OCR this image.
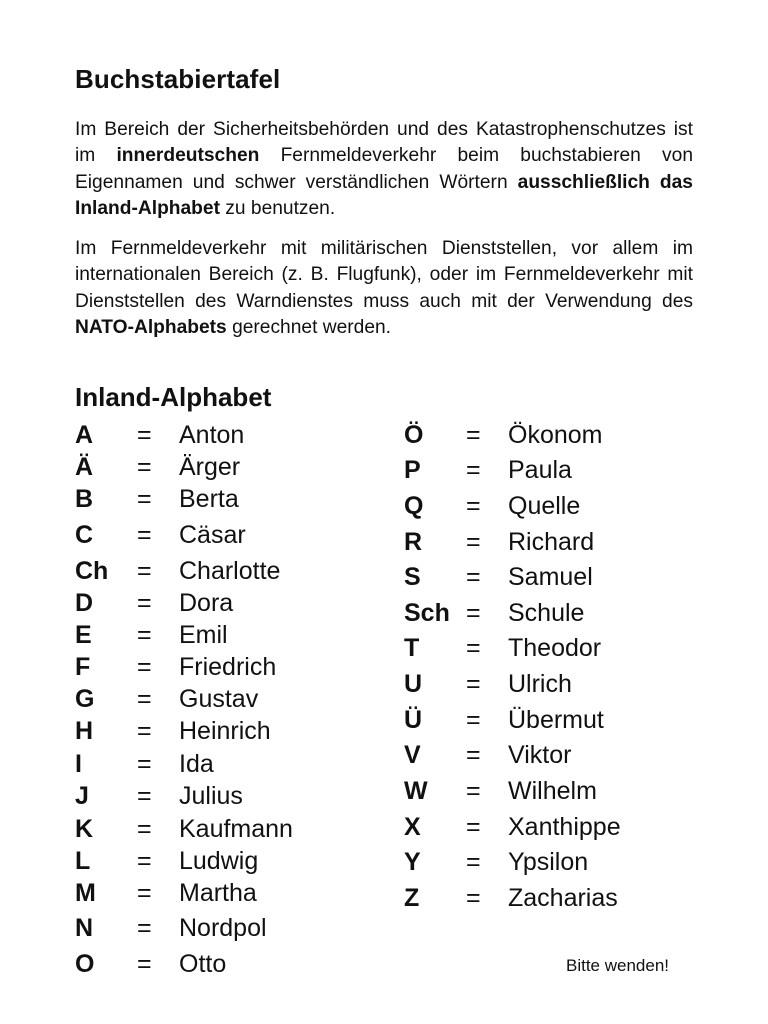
Buchstabiertafel

Im Bereich der Sicherheitsbehörden und des Katastrophenschutzes ist im innerdeutschen Fernmeldeverkehr beim buchstabieren von Eigennamen und schwer verständlichen Wörtern ausschließlich das Inland-Alphabet zu benutzen.

Im Fernmeldeverkehr mit militärischen Dienststellen, vor allem im internationalen Bereich (z. B. Flugfunk), oder im Fernmeldeverkehr mit Dienststellen des Warndienstes muss auch mit der Verwendung des NATO-Alphabets gerechnet werden.

Inland-Alphabet
A = Anton
Ä = Ärger
B = Berta
C = Cäsar
Ch = Charlotte
D = Dora
E = Emil
F = Friedrich
G = Gustav
H = Heinrich
I = Ida
J = Julius
K = Kaufmann
L = Ludwig
M = Martha
N = Nordpol
O = Otto
Ö = Ökonom
P = Paula
Q = Quelle
R = Richard
S = Samuel
Sch = Schule
T = Theodor
U = Ulrich
Ü = Übermut
V = Viktor
W = Wilhelm
X = Xanthippe
Y = Ypsilon
Z = Zacharias
Bitte wenden!
